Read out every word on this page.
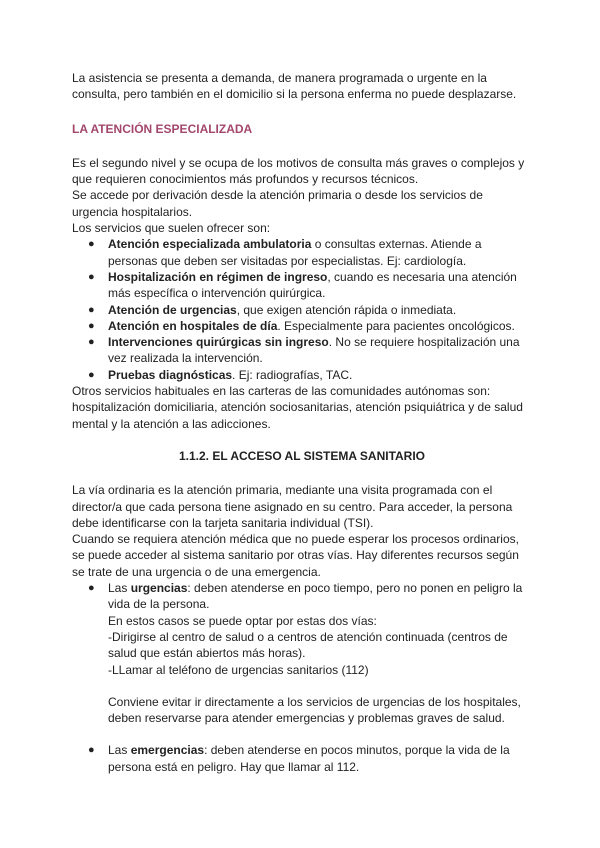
La asistencia se presenta a demanda, de manera programada o urgente en la consulta, pero también en el domicilio si la persona enferma no puede desplazarse.

LA ATENCIÓN ESPECIALIZADA

Es el segundo nivel y se ocupa de los motivos de consulta más graves o complejos y que requieren conocimientos más profundos y recursos técnicos.

Se accede por derivación desde la atención primaria o desde los servicios de urgencia hospitalarios.

Los servicios que suelen ofrecer son:

● Atención especializada ambulatoria o consultas externas. Atiende a personas que deben ser visitadas por especialistas. Ej: cardiología.
● Hospitalización en régimen de ingreso, cuando es necesaria una atención más específica o intervención quirúrgica.
● Atención de urgencias, que exigen atención rápida o inmediata.
● Atención en hospitales de día. Especialmente para pacientes oncológicos.
● Intervenciones quirúrgicas sin ingreso. No se requiere hospitalización una vez realizada la intervención.
● Pruebas diagnósticas. Ej: radiografías, TAC.

Otros servicios habituales en las carteras de las comunidades autónomas son: hospitalización domiciliaria, atención sociosanitarias, atención psiquiátrica y de salud mental y la atención a las adicciones.

1.1.2. EL ACCESO AL SISTEMA SANITARIO

La vía ordinaria es la atención primaria, mediante una visita programada con el director/a que cada persona tiene asignado en su centro. Para acceder, la persona debe identificarse con la tarjeta sanitaria individual (TSI).

Cuando se requiera atención médica que no puede esperar los procesos ordinarios, se puede acceder al sistema sanitario por otras vías. Hay diferentes recursos según se trate de una urgencia o de una emergencia.

● Las urgencias: deben atenderse en poco tiempo, pero no ponen en peligro la vida de la persona.

En estos casos se puede optar por estas dos vías:

-Dirigirse al centro de salud o a centros de atención continuada (centros de salud que están abiertos más horas).

-LLamar al teléfono de urgencias sanitarios (112)

Conviene evitar ir directamente a los servicios de urgencias de los hospitales, deben reservarse para atender emergencias y problemas graves de salud.

● Las emergencias: deben atenderse en pocos minutos, porque la vida de la persona está en peligro. Hay que llamar al 112.
